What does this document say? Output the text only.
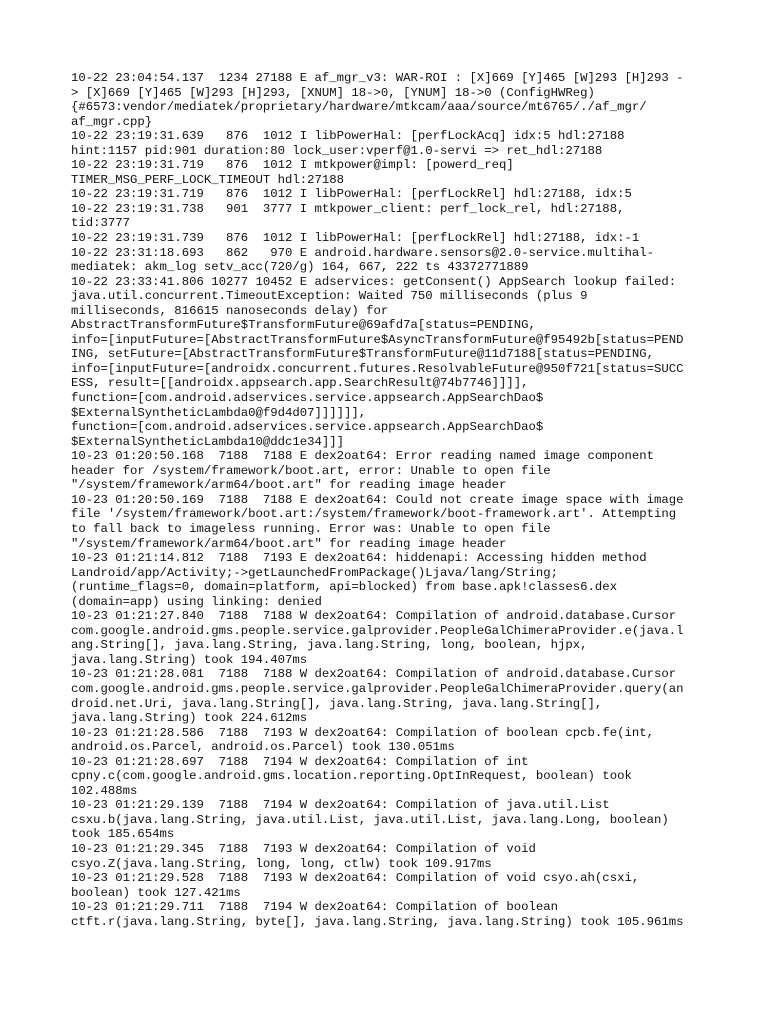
10-22 23:04:54.137  1234 27188 E af_mgr_v3: WAR-ROI : [X]669 [Y]465 [W]293 [H]293 -
> [X]669 [Y]465 [W]293 [H]293, [XNUM] 18->0, [YNUM] 18->0 (ConfigHWReg)
{#6573:vendor/mediatek/proprietary/hardware/mtkcam/aaa/source/mt6765/./af_mgr/
af_mgr.cpp}
10-22 23:19:31.639   876  1012 I libPowerHal: [perfLockAcq] idx:5 hdl:27188
hint:1157 pid:901 duration:80 lock_user:vperf@1.0-servi => ret_hdl:27188
10-22 23:19:31.719   876  1012 I mtkpower@impl: [powerd_req]
TIMER_MSG_PERF_LOCK_TIMEOUT hdl:27188
10-22 23:19:31.719   876  1012 I libPowerHal: [perfLockRel] hdl:27188, idx:5
10-22 23:19:31.738   901  3777 I mtkpower_client: perf_lock_rel, hdl:27188,
tid:3777
10-22 23:19:31.739   876  1012 I libPowerHal: [perfLockRel] hdl:27188, idx:-1
10-22 23:31:18.693   862   970 E android.hardware.sensors@2.0-service.multihal-
mediatek: akm_log setv_acc(720/g) 164, 667, 222 ts 43372771889
10-22 23:33:41.806 10277 10452 E adservices: getConsent() AppSearch lookup failed:
java.util.concurrent.TimeoutException: Waited 750 milliseconds (plus 9
milliseconds, 816615 nanoseconds delay) for
AbstractTransformFuture$TransformFuture@69afd7a[status=PENDING,
info=[inputFuture=[AbstractTransformFuture$AsyncTransformFuture@f95492b[status=PEND
ING, setFuture=[AbstractTransformFuture$TransformFuture@11d7188[status=PENDING,
info=[inputFuture=[androidx.concurrent.futures.ResolvableFuture@950f721[status=SUCC
ESS, result=[[androidx.appsearch.app.SearchResult@74b7746]]]],
function=[com.android.adservices.service.appsearch.AppSearchDao$
$ExternalSyntheticLambda0@f9d4d07]]]]]],
function=[com.android.adservices.service.appsearch.AppSearchDao$
$ExternalSyntheticLambda10@ddc1e34]]]
10-23 01:20:50.168  7188  7188 E dex2oat64: Error reading named image component
header for /system/framework/boot.art, error: Unable to open file
"/system/framework/arm64/boot.art" for reading image header
10-23 01:20:50.169  7188  7188 E dex2oat64: Could not create image space with image
file '/system/framework/boot.art:/system/framework/boot-framework.art'. Attempting
to fall back to imageless running. Error was: Unable to open file
"/system/framework/arm64/boot.art" for reading image header
10-23 01:21:14.812  7188  7193 E dex2oat64: hiddenapi: Accessing hidden method
Landroid/app/Activity;->getLaunchedFromPackage()Ljava/lang/String;
(runtime_flags=0, domain=platform, api=blocked) from base.apk!classes6.dex
(domain=app) using linking: denied
10-23 01:21:27.840  7188  7188 W dex2oat64: Compilation of android.database.Cursor
com.google.android.gms.people.service.galprovider.PeopleGalChimeraProvider.e(java.l
ang.String[], java.lang.String, java.lang.String, long, boolean, hjpx,
java.lang.String) took 194.407ms
10-23 01:21:28.081  7188  7188 W dex2oat64: Compilation of android.database.Cursor
com.google.android.gms.people.service.galprovider.PeopleGalChimeraProvider.query(an
droid.net.Uri, java.lang.String[], java.lang.String, java.lang.String[],
java.lang.String) took 224.612ms
10-23 01:21:28.586  7188  7193 W dex2oat64: Compilation of boolean cpcb.fe(int,
android.os.Parcel, android.os.Parcel) took 130.051ms
10-23 01:21:28.697  7188  7194 W dex2oat64: Compilation of int
cpny.c(com.google.android.gms.location.reporting.OptInRequest, boolean) took
102.488ms
10-23 01:21:29.139  7188  7194 W dex2oat64: Compilation of java.util.List
csxu.b(java.lang.String, java.util.List, java.util.List, java.lang.Long, boolean)
took 185.654ms
10-23 01:21:29.345  7188  7193 W dex2oat64: Compilation of void
csyo.Z(java.lang.String, long, long, ctlw) took 109.917ms
10-23 01:21:29.528  7188  7193 W dex2oat64: Compilation of void csyo.ah(csxi,
boolean) took 127.421ms
10-23 01:21:29.711  7188  7194 W dex2oat64: Compilation of boolean
ctft.r(java.lang.String, byte[], java.lang.String, java.lang.String) took 105.961ms
